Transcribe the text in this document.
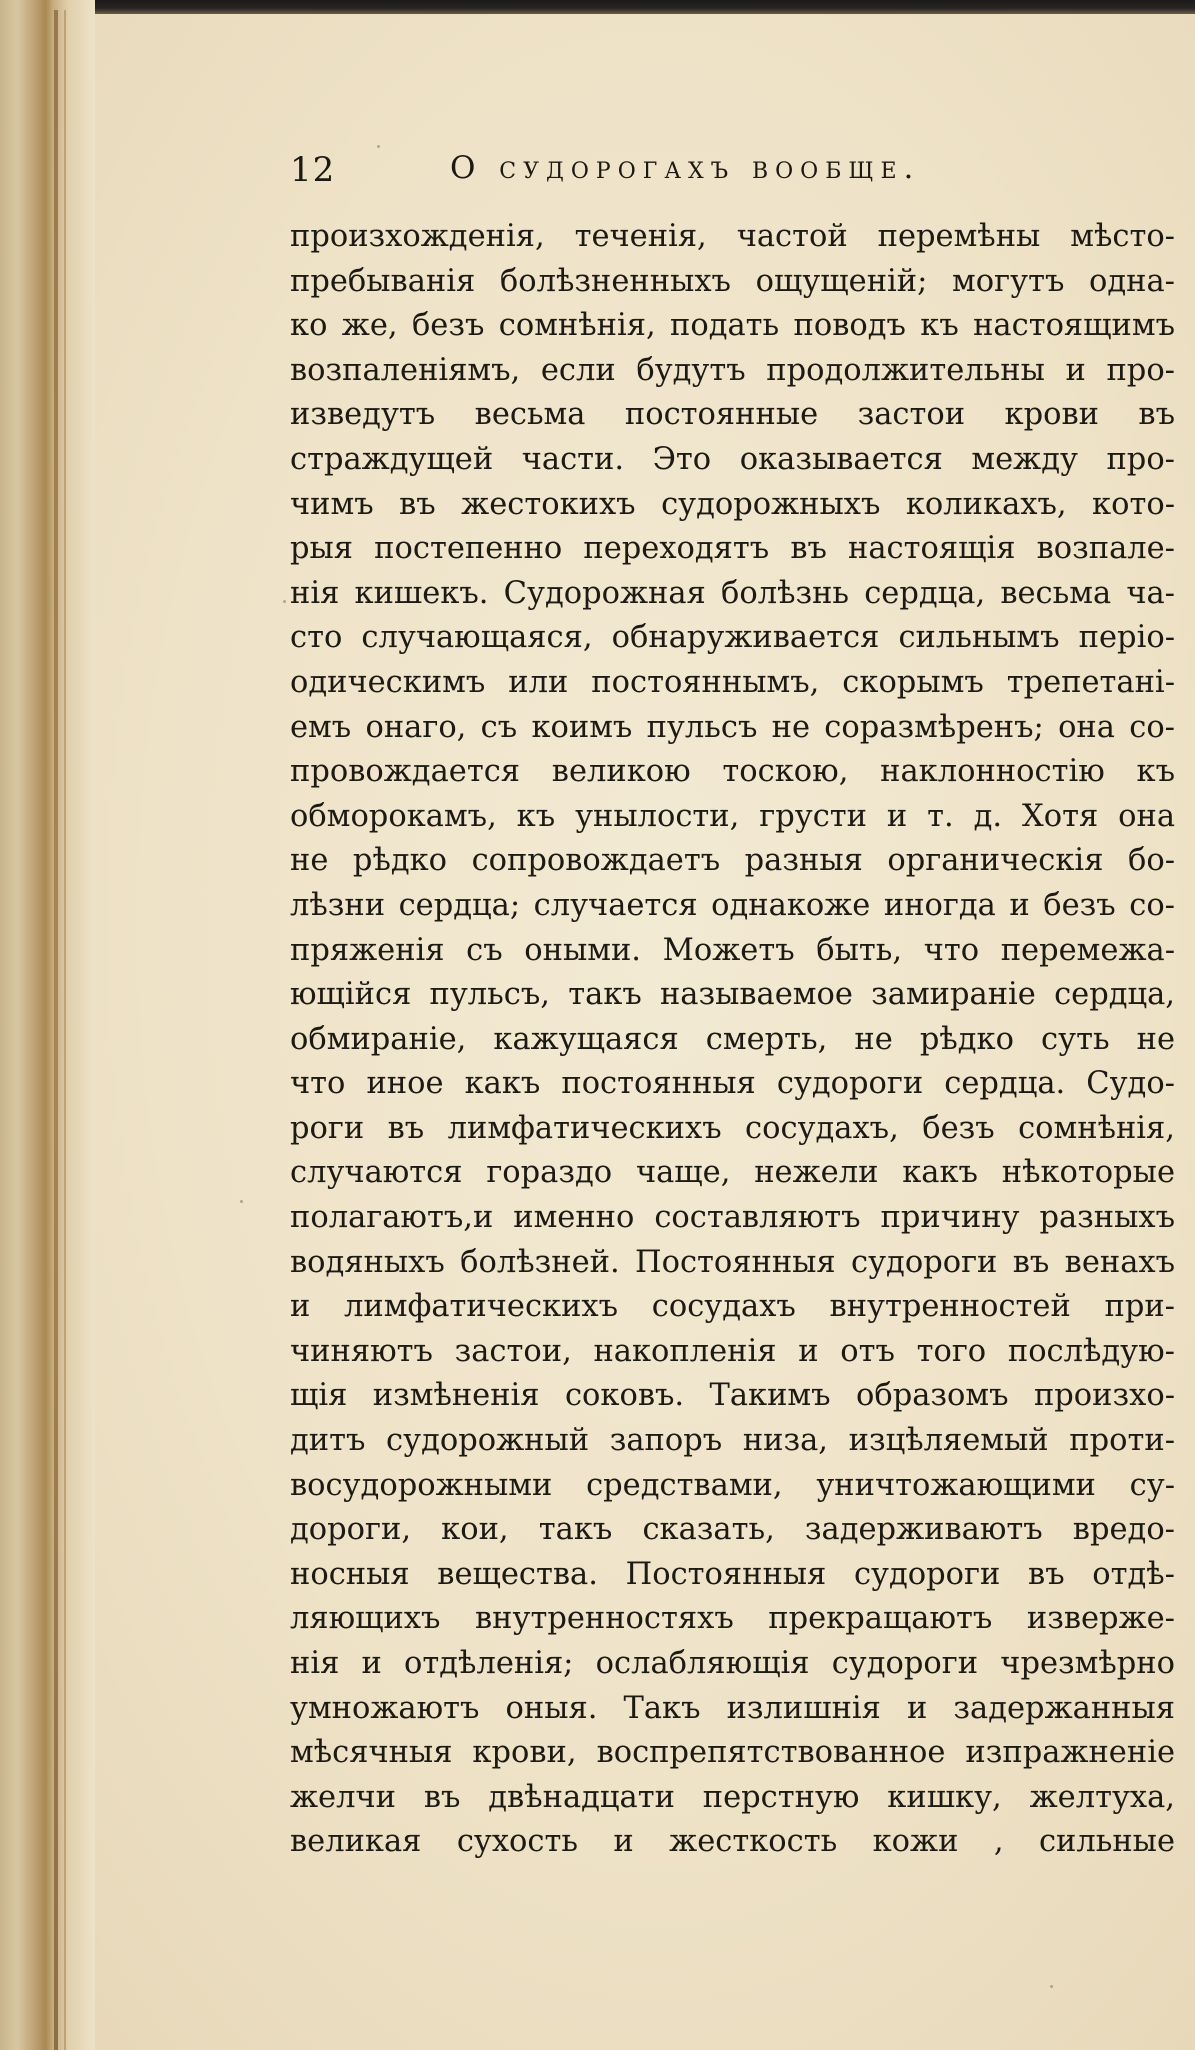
12	О судорогахъ вообще.
произхожденія, теченія, частой перемѣны мѣсто-
пребыванія болѣзненныхъ ощущеній; могутъ одна-
ко же, безъ сомнѣнія, подать поводъ къ настоящимъ
возпаленіямъ, если будутъ продолжительны и про-
изведутъ весьма постоянные застои крови въ
страждущей части. Это оказывается между про-
чимъ въ жестокихъ судорожныхъ коликахъ, кото-
рыя постепенно переходятъ въ настоящія возпале-
нія кишекъ. Судорожная болѣзнь сердца, весьма ча-
сто случающаяся, обнаруживается сильнымъ періо-
одическимъ или постояннымъ, скорымъ трепетані-
емъ онаго, съ коимъ пульсъ не соразмѣренъ; она со-
провождается великою тоскою, наклонностію къ
обморокамъ, къ унылости, грусти и т. д. Хотя она
не рѣдко сопровождаетъ разныя органическія бо-
лѣзни сердца; случается однакоже иногда и безъ со-
пряженія съ оными. Можетъ быть, что перемежа-
ющійся пульсъ, такъ называемое замираніе сердца,
обмираніе, кажущаяся смерть, не рѣдко суть не
что иное какъ постоянныя судороги сердца. Судо-
роги въ лимфатическихъ сосудахъ, безъ сомнѣнія,
случаются гораздо чаще, нежели какъ нѣкоторые
полагаютъ,и именно составляютъ причину разныхъ
водяныхъ болѣзней. Постоянныя судороги въ венахъ
и лимфатическихъ сосудахъ внутренностей при-
чиняютъ застои, накопленія и отъ того послѣдую-
щія измѣненія соковъ. Такимъ образомъ произхо-
дитъ судорожный запоръ низа, изцѣляемый проти-
восудорожными средствами, уничтожающими су-
дороги, кои, такъ сказать, задерживаютъ вредо-
носныя вещества. Постоянныя судороги въ отдѣ-
ляющихъ внутренностяхъ прекращаютъ изверже-
нія и отдѣленія; ослабляющія судороги чрезмѣрно
умножаютъ оныя. Такъ излишнія и задержанныя
мѣсячныя крови, воспрепятствованное изпражненіе
желчи въ двѣнадцати перстную кишку, желтуха,
великая сухость и жесткость кожи , сильные
